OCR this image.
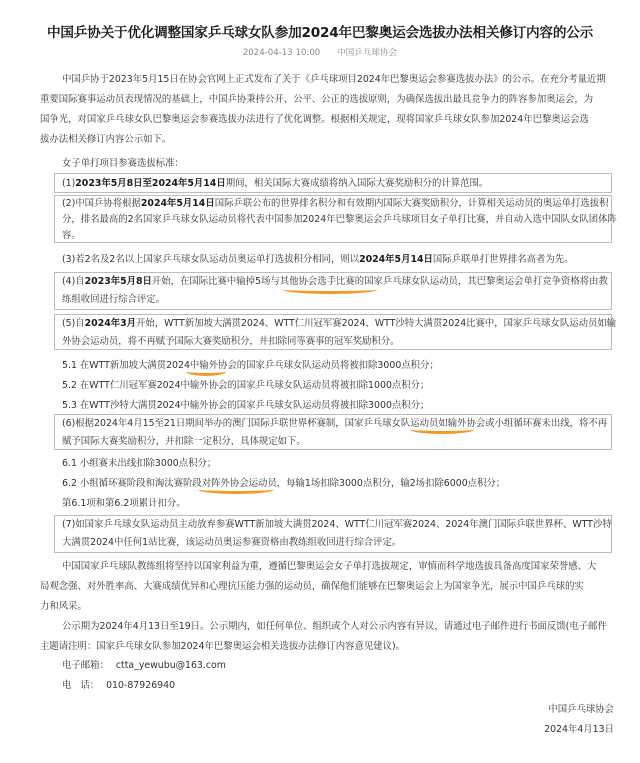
中国乒协关于优化调整国家乒乓球女队参加2024年巴黎奥运会选拔办法相关修订内容的公示
2024-04-13 10:00 中国乒乓球协会
中国乒协于2023年5月15日在协会官网上正式发布了关于《乒乓球项目2024年巴黎奥运会参赛选拔办法》的公示。在充分考量近期
重要国际赛事运动员表现情况的基础上，中国乒协秉持公开、公平、公正的选拔原则，为确保选拔出最具竞争力的阵容参加奥运会，为
国争光，对国家乒乓球女队巴黎奥运会参赛选拔办法进行了优化调整。根据相关规定，现将国家乒乓球女队参加2024年巴黎奥运会选
拔办法相关修订内容公示如下。
女子单打项目参赛选拔标准：
(1)2023年5月8日至2024年5月14日期间，相关国际大赛成绩将纳入国际大赛奖励积分的计算范围。
(2)中国乒协将根据2024年5月14日国际乒联公布的世界排名积分和有效期内国际大赛奖励积分，计算相关运动员的奥运单打选拔积
分，排名最高的2名国家乒乓球女队运动员将代表中国参加2024年巴黎奥运会乒乓球项目女子单打比赛，并自动入选中国队女队团体阵
容。
(3)若2名及2名以上国家乒乓球女队运动员奥运单打选拔积分相同，则以2024年5月14日国际乒联单打世界排名高者为先。
(4)自2023年5月8日开始，在国际比赛中输掉5场与其他协会选手比赛的国家乒乓球女队运动员，其巴黎奥运会单打竞争资格将由教
练组收回进行综合评定。
(5)自2024年3月开始，WTT新加坡大满贯2024、WTT仁川冠军赛2024、WTT沙特大满贯2024比赛中，国家乒乓球女队运动员如输
外协会运动员，将不再赋予国际大赛奖励积分，并扣除同等赛事的冠军奖励积分。
5.1 在WTT新加坡大满贯2024中输外协会的国家乒乓球女队运动员将被扣除3000点积分；
5.2 在WTT仁川冠军赛2024中输外协会的国家乒乓球女队运动员将被扣除1000点积分；
5.3 在WTT沙特大满贯2024中输外协会的国家乒乓球女队运动员将被扣除3000点积分；
(6)根据2024年4月15至21日期间举办的澳门国际乒联世界杯赛制，国家乒乓球女队运动员如输外协会或小组循环赛未出线，将不再
赋予国际大赛奖励积分，并扣除一定积分，具体规定如下。
6.1 小组赛未出线扣除3000点积分；
6.2 小组循环赛阶段和淘汰赛阶段对阵外协会运动员，每输1场扣除3000点积分，输2场扣除6000点积分；
第6.1项和第6.2项累计扣分。
(7)如国家乒乓球女队运动员主动放弃参赛WTT新加坡大满贯2024、WTT仁川冠军赛2024、2024年澳门国际乒联世界杯、WTT沙特
大满贯2024中任何1站比赛，该运动员奥运参赛资格由教练组收回进行综合评定。
中国国家乒乓球队教练组将坚持以国家利益为重，遵循巴黎奥运会女子单打选拔规定，审慎而科学地选拔具备高度国家荣誉感、大
局观念强、对外胜率高、大赛成绩优异和心理抗压能力强的运动员，确保他们能够在巴黎奥运会上为国家争光，展示中国乒乓球的实
力和风采。
公示期为2024年4月13日至19日。公示期内，如任何单位、组织或个人对公示内容有异议，请通过电子邮件进行书面反馈(电子邮件
主题请注明：国家乒乓球女队参加2024年巴黎奥运会相关选拔办法修订内容意见建议)。
电子邮箱： ctta_yewubu@163.com
电   话： 010-87926940
中国乒乓球协会
2024年4月13日
